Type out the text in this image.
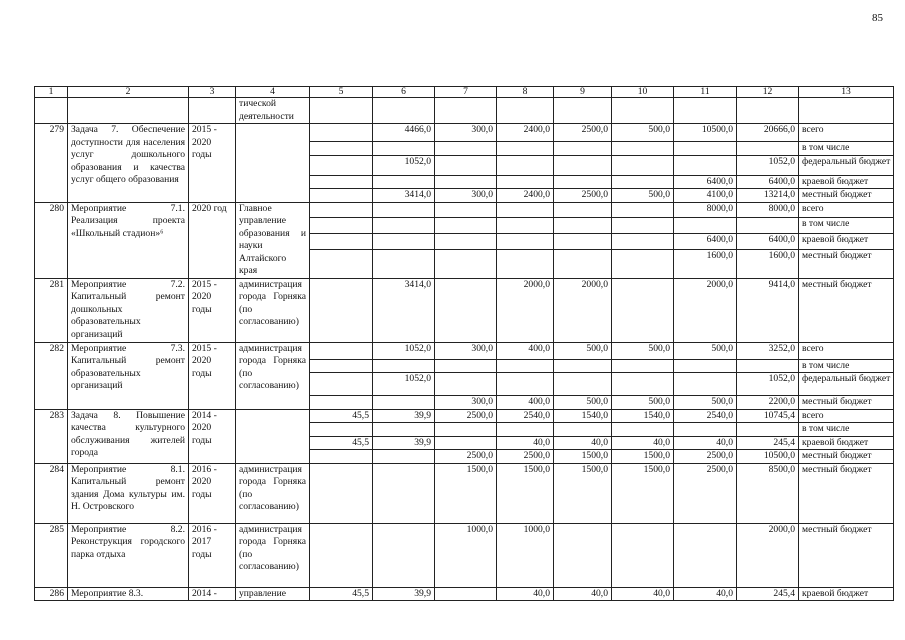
85
1	2	3	4	5	6	7	8	9	10	11	12	13
			тической деятельности									
279	Задача 7. Обеспечение доступности для населения услуг дошкольного образования и качества услуг общего образования	2015 - 2020 годы			4466,0	300,0	2400,0	2500,0	500,0	10500,0	20666,0	всего
												в том числе
					1052,0						1052,0	федеральный бюджет
										6400,0	6400,0	краевой бюджет
					3414,0	300,0	2400,0	2500,0	500,0	4100,0	13214,0	местный бюджет
280	Мероприятие 7.1. Реализация проекта «Школьный стадион»⁶	2020 год	Главное управление образования и науки Алтайского края							8000,0	8000,0	всего
												в том числе
										6400,0	6400,0	краевой бюджет
										1600,0	1600,0	местный бюджет
281	Мероприятие 7.2. Капитальный ремонт дошкольных образовательных организаций	2015 - 2020 годы	администрация города Горняка (по согласованию)		3414,0		2000,0	2000,0		2000,0	9414,0	местный бюджет
282	Мероприятие 7.3. Капитальный ремонт образовательных организаций	2015 - 2020 годы	администрация города Горняка (по согласованию)		1052,0	300,0	400,0	500,0	500,0	500,0	3252,0	всего
												в том числе
					1052,0						1052,0	федеральный бюджет
						300,0	400,0	500,0	500,0	500,0	2200,0	местный бюджет
283	Задача 8. Повышение качества культурного обслуживания жителей города	2014 - 2020 годы		45,5	39,9	2500,0	2540,0	1540,0	1540,0	2540,0	10745,4	всего
												в том числе
				45,5	39,9		40,0	40,0	40,0	40,0	245,4	краевой бюджет
						2500,0	2500,0	1500,0	1500,0	2500,0	10500,0	местный бюджет
284	Мероприятие 8.1. Капитальный ремонт здания Дома культуры им. Н. Островского	2016 - 2020 годы	администрация города Горняка (по согласованию)			1500,0	1500,0	1500,0	1500,0	2500,0	8500,0	местный бюджет
285	Мероприятие 8.2. Реконструкция городского парка отдыха	2016 - 2017 годы	администрация города Горняка (по согласованию)			1000,0	1000,0				2000,0	местный бюджет
286	Мероприятие 8.3.	2014 -	управление	45,5	39,9		40,0	40,0	40,0	40,0	245,4	краевой бюджет
